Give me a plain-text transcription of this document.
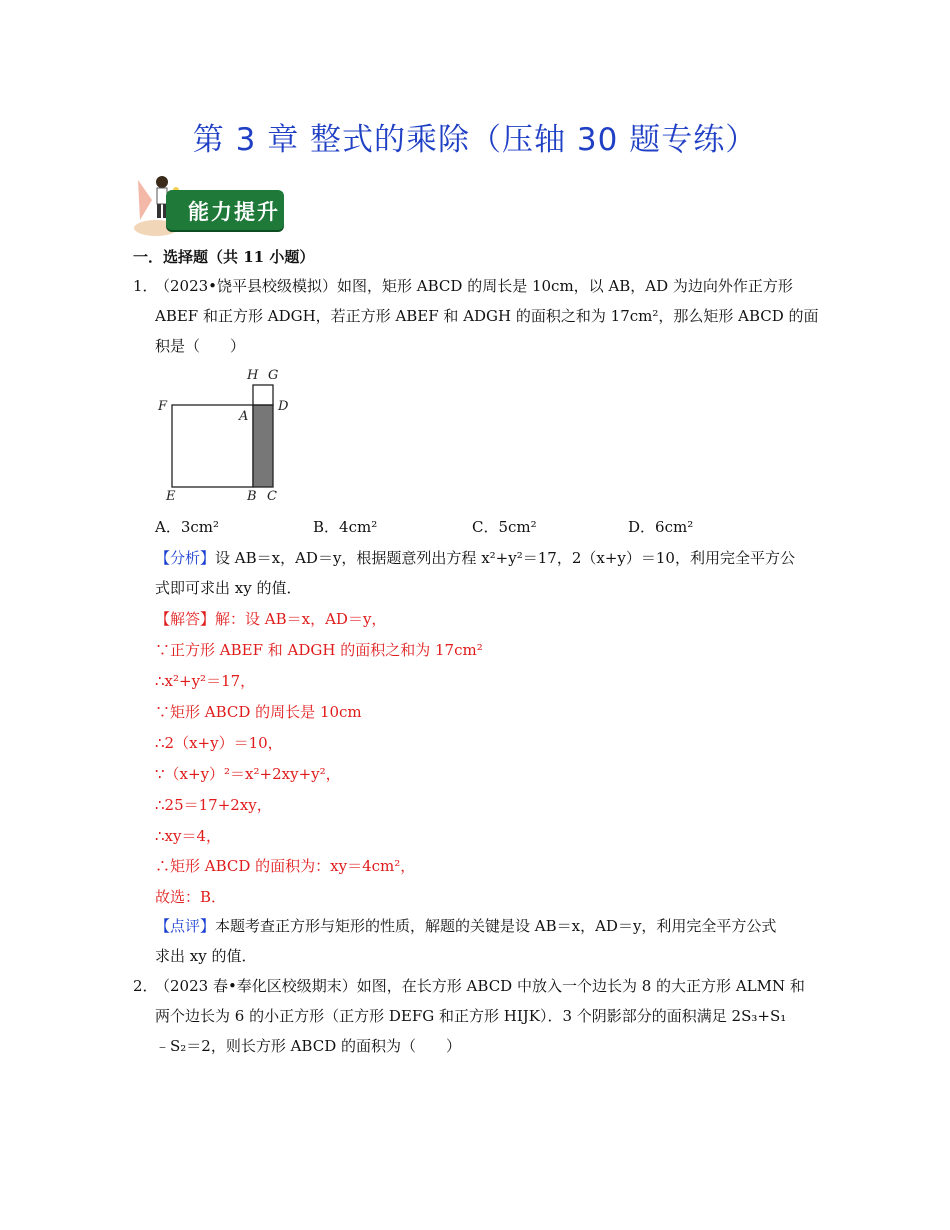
第 3 章 整式的乘除（压轴 30 题专练）
能力提升
一．选择题（共 11 小题）
1．
（2023•饶平县校级模拟）如图，矩形 ABCD 的周长是 10cm，以 AB，AD 为边向外作正方形
ABEF 和正方形 ADGH，若正方形 ABEF 和 ADGH 的面积之和为 17cm²，那么矩形 ABCD 的面
积是（　　）
H G
F
A
D
E	B C
A．3cm²	B．4cm²	C．5cm²	D．6cm²
【分析】设 AB＝x，AD＝y，根据题意列出方程 x²+y²＝17，2（x+y）＝10，利用完全平方公
式即可求出 xy 的值．
【解答】解：设 AB＝x，AD＝y，
∵正方形 ABEF 和 ADGH 的面积之和为 17cm²
∴x²+y²＝17，
∵矩形 ABCD 的周长是 10cm
∴2（x+y）＝10，
∵（x+y）²＝x²+2xy+y²，
∴25＝17+2xy，
∴xy＝4，
∴矩形 ABCD 的面积为：xy＝4cm²，
故选：B．
【点评】本题考查正方形与矩形的性质，解题的关键是设 AB＝x，AD＝y，利用完全平方公式
求出 xy 的值．
2．
（2023 春•奉化区校级期末）如图，在长方形 ABCD 中放入一个边长为 8 的大正方形 ALMN 和
两个边长为 6 的小正方形（正方形 DEFG 和正方形 HIJK）．3 个阴影部分的面积满足 2S₃+S₁
﹣S₂＝2，则长方形 ABCD 的面积为（　　）
